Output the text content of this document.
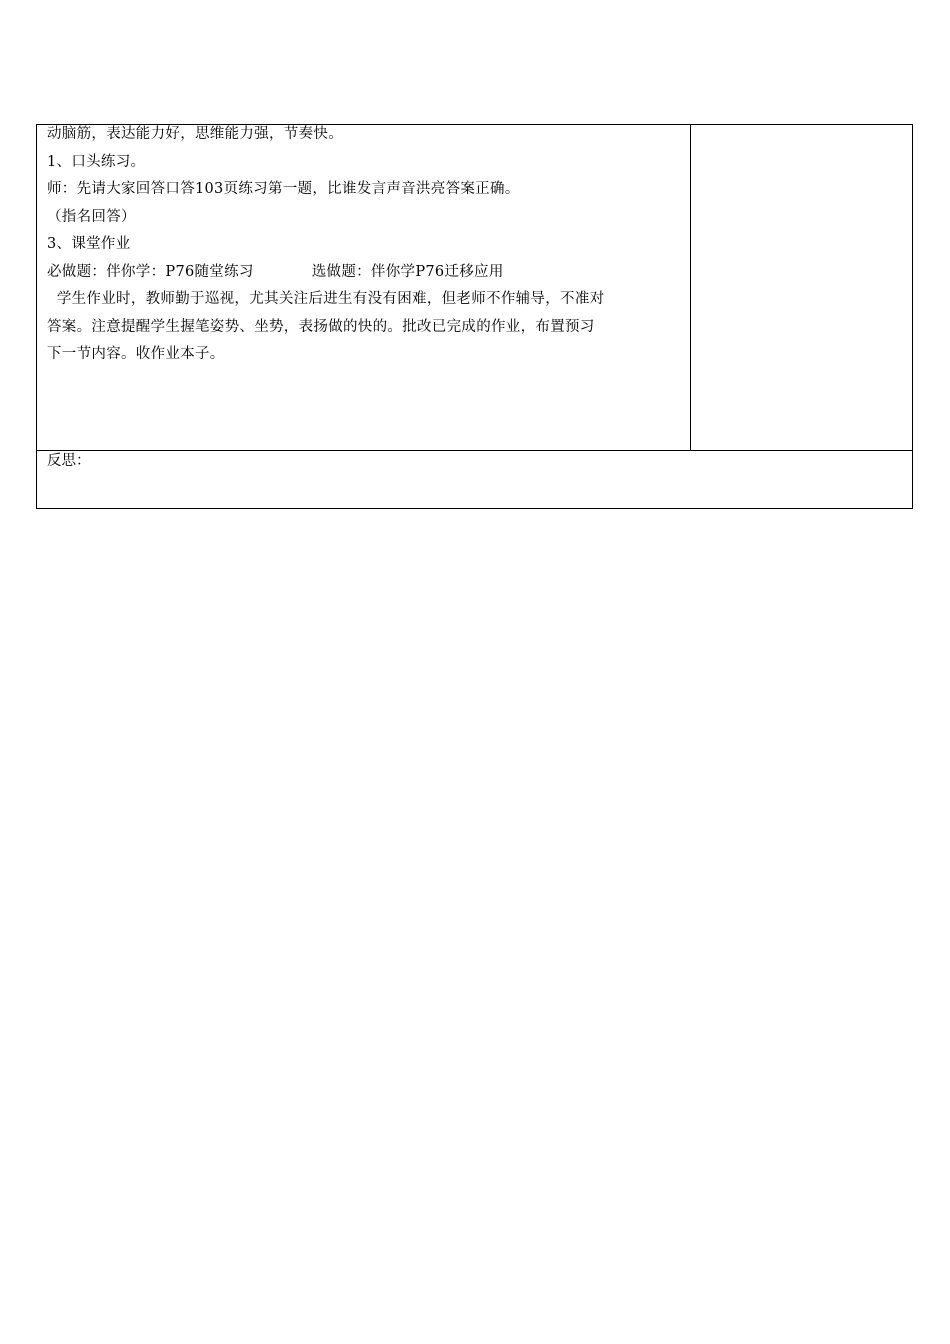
动脑筋，表达能力好，思维能力强，节奏快。
1、口头练习。
师：先请大家回答口答103页练习第一题，比谁发言声音洪亮答案正确。
（指名回答）
3、课堂作业
必做题：伴你学：P76随堂练习	选做题：伴你学P76迁移应用
学生作业时，教师勤于巡视，尤其关注后进生有没有困难，但老师不作辅导，不准对
答案。注意提醒学生握笔姿势、坐势，表扬做的快的。批改已完成的作业，布置预习
下一节内容。收作业本子。
反思：
